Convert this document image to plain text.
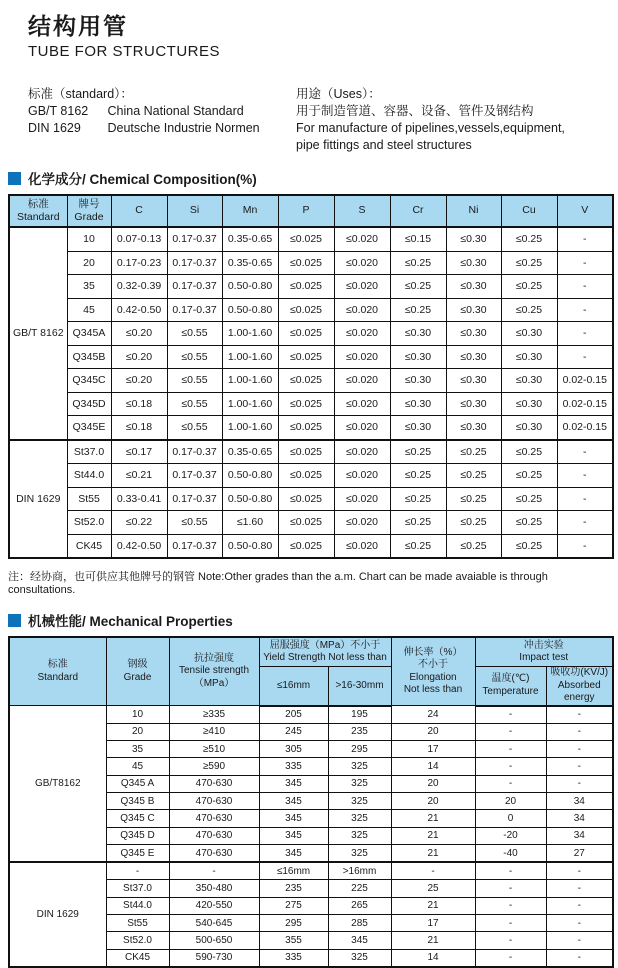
结构用管
TUBE FOR STRUCTURES
标准（standard）：
GB/T 8162 China National Standard
DIN 1629 Deutsche Industrie Normen
用途（Uses）：
用于制造管道、容器、设备、管件及钢结构
For manufacture of pipelines,vessels,equipment,
pipe fittings and steel structures
化学成分/ Chemical Composition(%)
标准
Standard

牌号
Grade
	C	Si	Mn	P	S	Cr	Ni	Cu	V
GB/T 8162	10	0.07-0.13	0.17-0.37	0.35-0.65	≤0.025	≤0.020	≤0.15	≤0.30	≤0.25	-
	20	0.17-0.23	0.17-0.37	0.35-0.65	≤0.025	≤0.020	≤0.25	≤0.30	≤0.25	-
	35	0.32-0.39	0.17-0.37	0.50-0.80	≤0.025	≤0.020	≤0.25	≤0.30	≤0.25	-
	45	0.42-0.50	0.17-0.37	0.50-0.80	≤0.025	≤0.020	≤0.25	≤0.30	≤0.25	-
	Q345A	≤0.20	≤0.55	1.00-1.60	≤0.025	≤0.020	≤0.30	≤0.30	≤0.30	-
	Q345B	≤0.20	≤0.55	1.00-1.60	≤0.025	≤0.020	≤0.30	≤0.30	≤0.30	-
	Q345C	≤0.20	≤0.55	1.00-1.60	≤0.025	≤0.020	≤0.30	≤0.30	≤0.30	0.02-0.15
	Q345D	≤0.18	≤0.55	1.00-1.60	≤0.025	≤0.020	≤0.30	≤0.30	≤0.30	0.02-0.15
	Q345E	≤0.18	≤0.55	1.00-1.60	≤0.025	≤0.020	≤0.30	≤0.30	≤0.30	0.02-0.15
DIN 1629	St37.0	≤0.17	0.17-0.37	0.35-0.65	≤0.025	≤0.020	≤0.25	≤0.25	≤0.25	-
	St44.0	≤0.21	0.17-0.37	0.50-0.80	≤0.025	≤0.020	≤0.25	≤0.25	≤0.25	-
	St55	0.33-0.41	0.17-0.37	0.50-0.80	≤0.025	≤0.020	≤0.25	≤0.25	≤0.25	-
	St52.0	≤0.22	≤0.55	≤1.60	≤0.025	≤0.020	≤0.25	≤0.25	≤0.25	-
	CK45	0.42-0.50	0.17-0.37	0.50-0.80	≤0.025	≤0.020	≤0.25	≤0.25	≤0.25	-
注：经协商，也可供应其他牌号的钢管 Note:Other grades than the a.m. Chart can be made avaiable is through consultations.
机械性能/ Mechanical Properties
标准
Standard

钢级
Grade

抗拉强度
Tensile strength
（MPa）

屈服强度（MPa）不小于
Yield Strength Not less than	伸长率（%）
不小于
Elongation
Not less than

冲击实验
Impact test

≤16mm	>16-30mm	
温度(℃)
Temperature

吸收功(KV/J)
Absorbed energy

GB/T8162	10	≥335	205	195	24	-	-
	20	≥410	245	235	20	-	-
	35	≥510	305	295	17	-	-
	45	≥590	335	325	14	-	-
	Q345 A	470-630	345	325	20	-	-
	Q345 B	470-630	345	325	20	20	34
	Q345 C	470-630	345	325	21	0	34
	Q345 D	470-630	345	325	21	-20	34
	Q345 E	470-630	345	325	21	-40	27
DIN 1629	-	-	≤16mm	>16mm	-	-	-
	St37.0	350-480	235	225	25	-	-
	St44.0	420-550	275	265	21	-	-
	St55	540-645	295	285	17	-	-
	St52.0	500-650	355	345	21	-	-
	CK45	590-730	335	325	14	-	-
